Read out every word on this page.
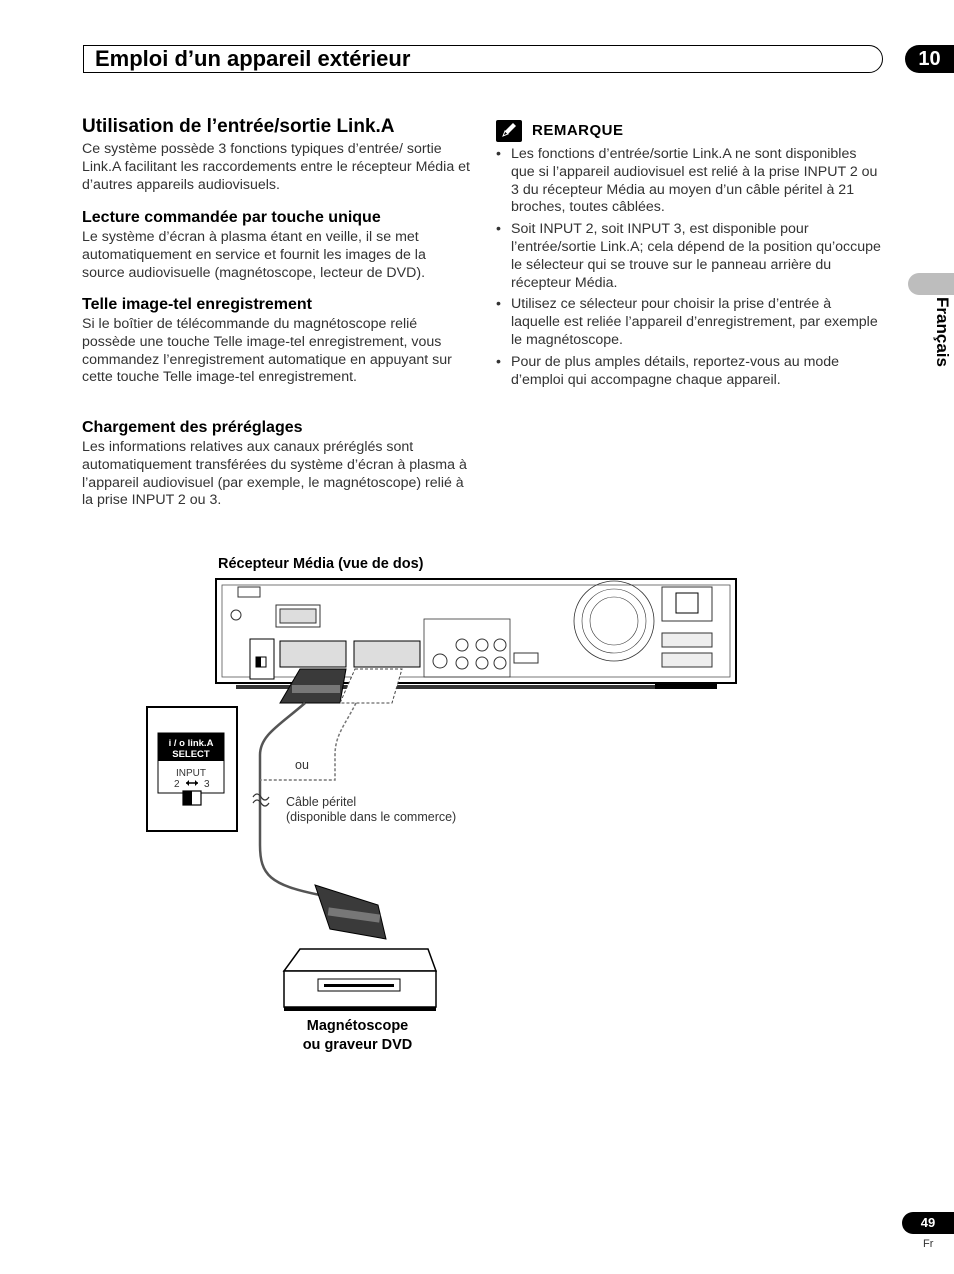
Emploi d’un appareil extérieur	10
Français
Utilisation de l’entrée/sortie Link.A

Ce système possède 3 fonctions typiques d’entrée/ sortie Link.A facilitant les raccordements entre le récepteur Média et d’autres appareils audiovisuels.

Lecture commandée par touche unique

Le système d’écran à plasma étant en veille, il se met automatiquement en service et fournit les images de la source audiovisuelle (magnétoscope, lecteur de DVD).

Telle image-tel enregistrement

Si le boîtier de télécommande du magnétoscope relié possède une touche Telle image-tel enregistrement, vous commandez l’enregistrement automatique en appuyant sur cette touche Telle image-tel enregistrement.

Chargement des préréglages

Les informations relatives aux canaux préréglés sont automatiquement transférées du système d’écran à plasma à l’appareil audiovisuel (par exemple, le magnétoscope) relié à la prise INPUT 2 ou 3.

REMARQUE
• Les fonctions d’entrée/sortie Link.A ne sont disponibles que si l’appareil audiovisuel est relié à la prise INPUT 2 ou 3 du récepteur Média au moyen d’un câble péritel à 21 broches, toutes câblées.
• Soit INPUT 2, soit INPUT 3, est disponible pour l’entrée/sortie Link.A; cela dépend de la position qu’occupe le sélecteur qui se trouve sur le panneau arrière du récepteur Média.
• Utilisez ce sélecteur pour choisir la prise d’entrée à laquelle est reliée l’appareil d’enregistrement, par exemple le magnétoscope.
• Pour de plus amples détails, reportez-vous au mode d’emploi qui accompagne chaque appareil.
Récepteur Média (vue de dos)
i / o link.A
SELECT
INPUT
2 3
ou
Câble péritel
(disponible dans le commerce)
Magnétoscope
ou graveur DVD
49
Fr
